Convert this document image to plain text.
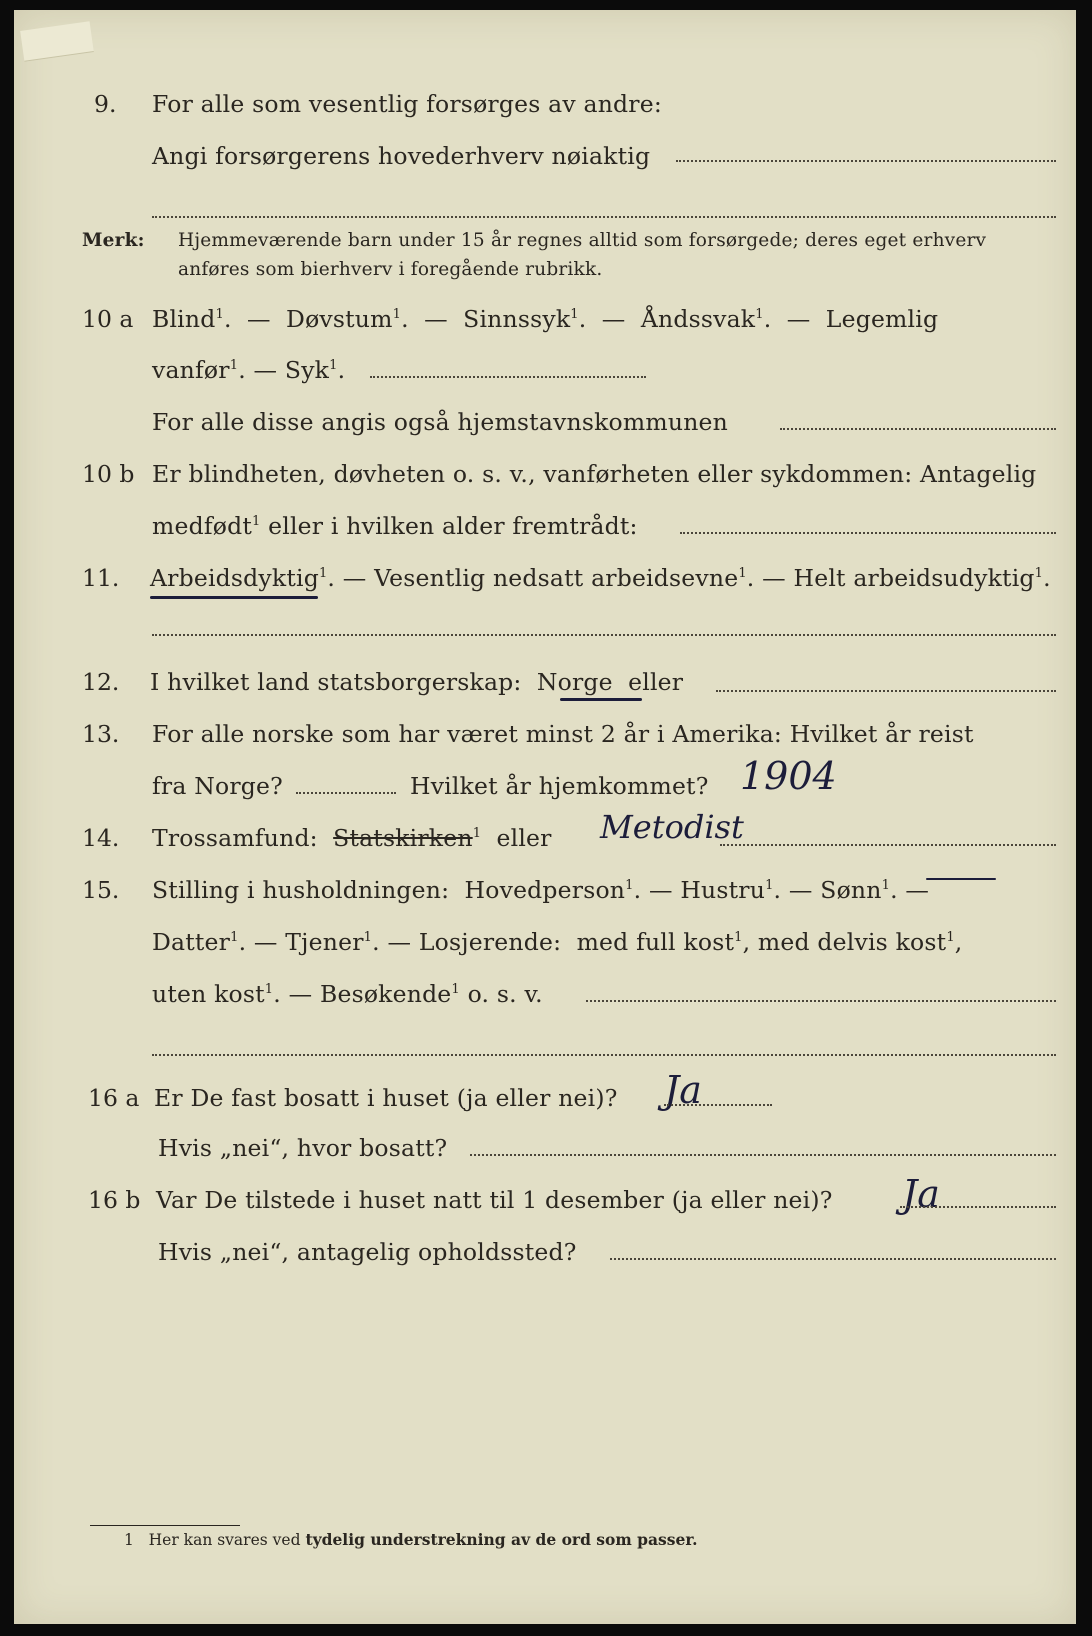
9. For alle som vesentlig forsørges av andre:
Angi forsørgerens hovederhverv nøiaktig
Merk: Hjemmeværende barn under 15 år regnes alltid som forsørgede; deres eget erhverv
anføres som bierhverv i foregående rubrikk.
10 a Blind$^1$.  —  Døvstum$^1$.  —  Sinnssyk$^1$.  —  Åndssvak$^1$.  —  Legemlig
vanfør$^1$. — Syk$^1$.
For alle disse angis også hjemstavnskommunen
10 b Er blindheten, døvheten o. s. v., vanførheten eller sykdommen: Antagelig
medfødt$^1$ eller i hvilken alder fremtrådt:
11. Arbeidsdyktig$^1$. — Vesentlig nedsatt arbeidsevne$^1$. — Helt arbeidsudyktig$^1$.
12. I hvilket land statsborgerskap: Norge eller
13. For alle norske som har været minst 2 år i Amerika: Hvilket år reist
fra Norge?	Hvilket år hjemkommet? 1904
14. Trossamfund: Statskirken$^1$ eller Metodist
15. Stilling i husholdningen: Hovedperson$^1$. — Hustru$^1$. — Sønn$^1$. —
Datter$^1$. — Tjener$^1$. — Losjerende: med full kost$^1$, med delvis kost$^1$,
uten kost$^1$. — Besøkende$^1$ o. s. v.
16 a Er De fast bosatt i huset (ja eller nei)? Ja
Hvis „nei“, hvor bosatt?
16 b Var De tilstede i huset natt til 1 desember (ja eller nei)? Ja
Hvis „nei“, antagelig opholdssted?
1 Her kan svares ved tydelig understrekning av de ord som passer.
